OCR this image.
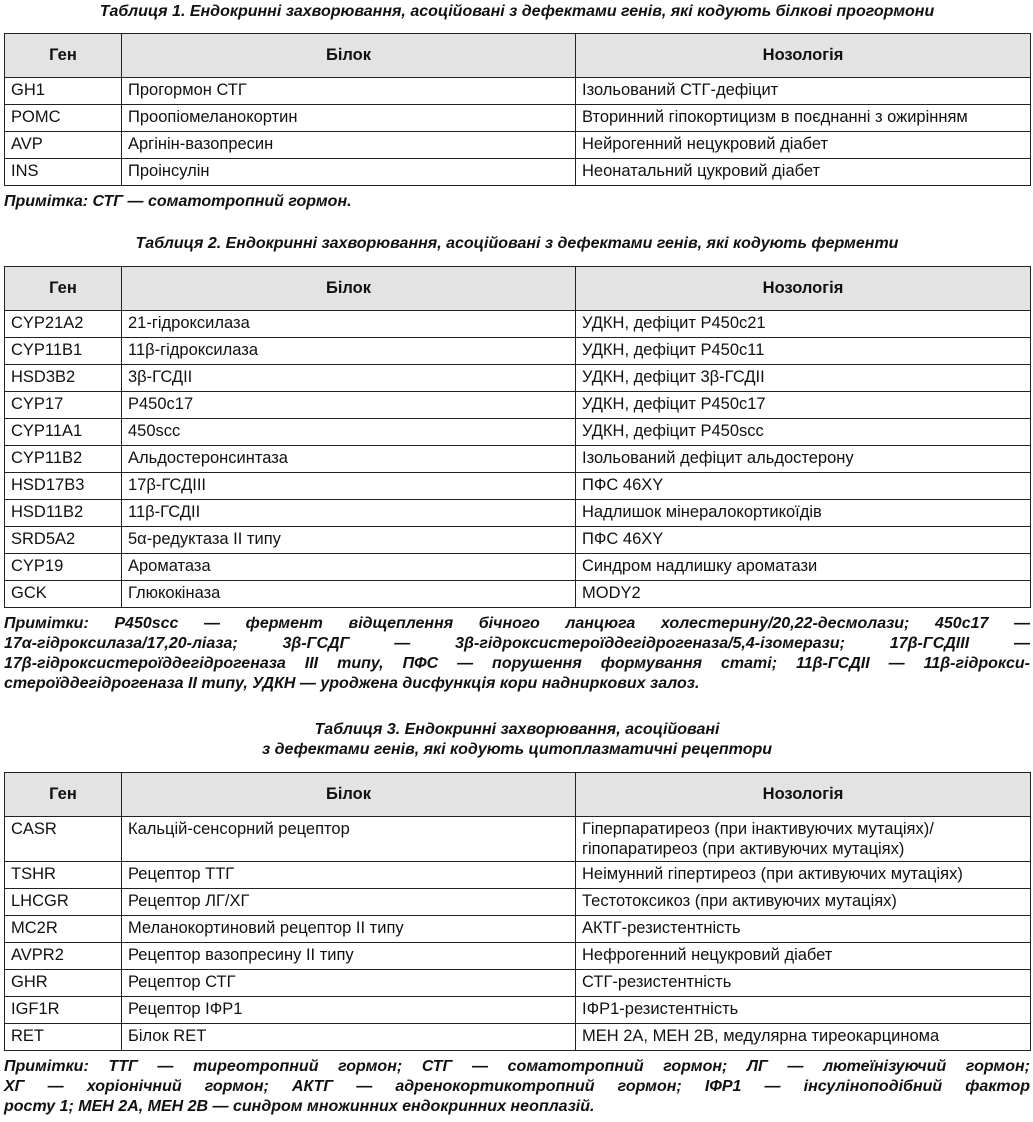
Таблиця 1. Ендокринні захворювання, асоційовані з дефектами генів, які кодують білкові прогормони
Ген	Білок	Нозологія
GH1	Прогормон СТГ	Ізольований СТГ-дефіцит
POMC	Проопіомеланокортин	Вторинний гіпокортицизм в поєднанні з ожирінням
AVP	Аргінін-вазопресин	Нейрогенний нецукровий діабет
INS	Проінсулін	Неонатальний цукровий діабет
Примітка: СТГ — соматотропний гормон.
Таблиця 2. Ендокринні захворювання, асоційовані з дефектами генів, які кодують ферменти
Ген	Білок	Нозологія
CYP21A2	21-гідроксилаза	УДКН, дефіцит P450c21
CYP11B1	11β-гідроксилаза	УДКН, дефіцит P450c11
HSD3B2	3β-ГСДII	УДКН, дефіцит 3β-ГСДII
CYP17	P450c17	УДКН, дефіцит P450c17
CYP11A1	450scc	УДКН, дефіцит P450scc
CYP11B2	Альдостеронсинтаза	Ізольований дефіцит альдостерону
HSD17B3	17β-ГСДIII	ПФС 46XY
HSD11B2	11β-ГСДII	Надлишок мінералокортикоїдів
SRD5A2	5α-редуктаза II типу	ПФС 46XY
CYP19	Ароматаза	Синдром надлишку ароматази
GCK	Глюкокіназа	MODY2
Примітки: P450scc — фермент відщеплення бічного ланцюга холестерину/20,22-десмолази; 450c17 —
17α-гідроксилаза/17,20-ліаза; 3β-ГСДГ — 3β-гідроксистероїддегідрогеназа/5,4-ізомерази; 17β-ГСДIII —
17β-гідроксистероїддегідрогеназа III типу, ПФС — порушення формування статі; 11β-ГСДII — 11β-гідрокси-
стероїддегідрогеназа II типу, УДКН — уроджена дисфункція кори надниркових залоз.
Таблиця 3. Ендокринні захворювання, асоційовані
з дефектами генів, які кодують цитоплазматичні рецептори
Ген	Білок	Нозологія
CASR	Кальцій-сенсорний рецептор	Гіперпаратиреоз (при інактивуючих мутаціях)/
гіпопаратиреоз (при активуючих мутаціях)
TSHR	Рецептор ТТГ	Неімунний гіпертиреоз (при активуючих мутаціях)
LHCGR	Рецептор ЛГ/ХГ	Тестотоксикоз (при активуючих мутаціях)
MC2R	Меланокортиновий рецептор II типу	АКТГ-резистентність
AVPR2	Рецептор вазопресину II типу	Нефрогенний нецукровий діабет
GHR	Рецептор СТГ	СТГ-резистентність
IGF1R	Рецептор ІФР1	ІФР1-резистентність
RET	Білок RET	МЕН 2А, МЕН 2В, медулярна тиреокарцинома
Примітки: ТТГ — тиреотропний гормон; СТГ — соматотропний гормон; ЛГ — лютеїнізуючий гормон;
ХГ — хоріонічний гормон; АКТГ — адренокортикотропний гормон; ІФР1 — інсуліноподібний фактор
росту 1; МЕН 2А, МЕН 2В — синдром множинних ендокринних неоплазій.
